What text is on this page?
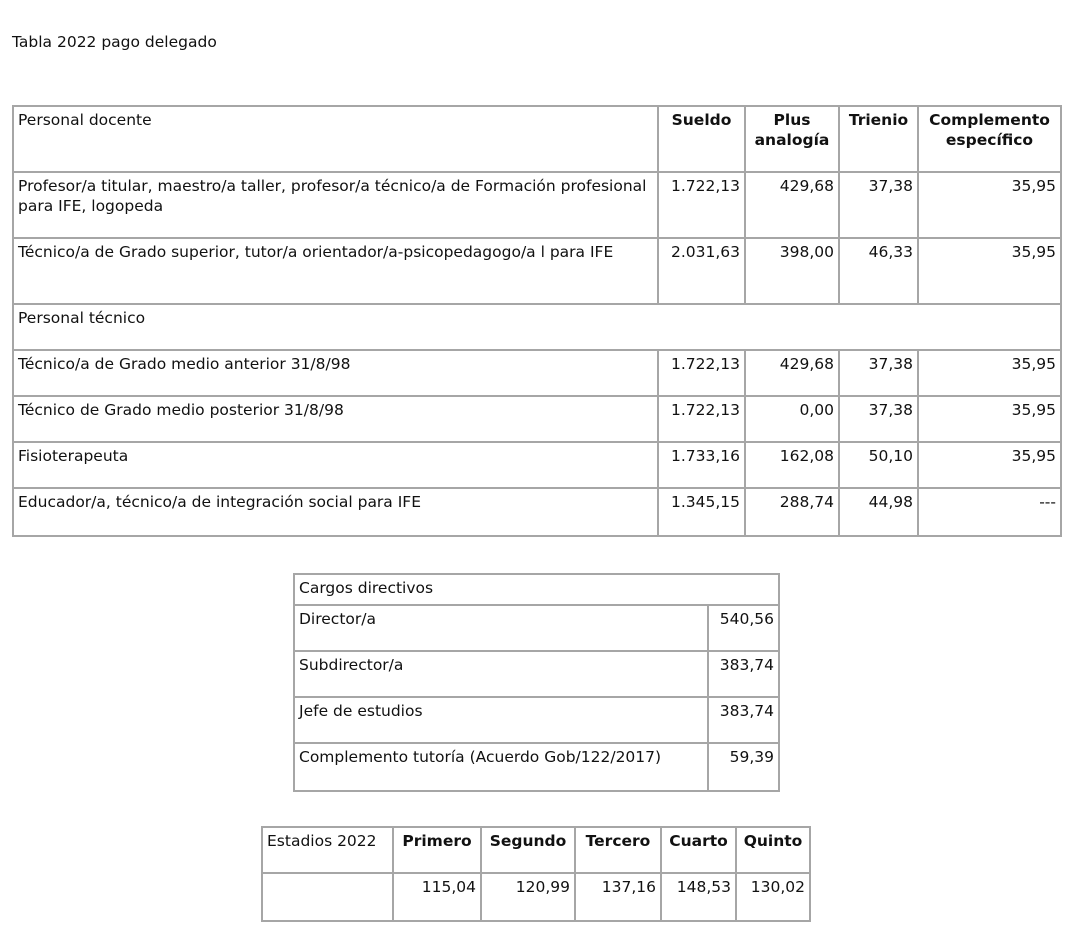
Tabla 2022 pago delegado
Personal docente	Sueldo	Plus analogía	Trienio	Complemento específico
Profesor/a titular, maestro/a taller, profesor/a técnico/a de Formación profesional para IFE, logopeda	1.722,13	429,68	37,38	35,95
Técnico/a de Grado superior, tutor/a orientador/a-psicopedagogo/a l para IFE	2.031,63	398,00	46,33	35,95
Personal técnico				
Técnico/a de Grado medio anterior 31/8/98	1.722,13	429,68	37,38	35,95
Técnico de Grado medio posterior 31/8/98	1.722,13	0,00	37,38	35,95
Fisioterapeuta	1.733,16	162,08	50,10	35,95
Educador/a, técnico/a de integración social para IFE	1.345,15	288,74	44,98	---
Cargos directivos	
Director/a	540,56
Subdirector/a	383,74
Jefe de estudios	383,74
Complemento tutoría (Acuerdo Gob/122/2017)	59,39
Estadios 2022	Primero	Segundo	Tercero	Cuarto	Quinto
	115,04	120,99	137,16	148,53	130,02
